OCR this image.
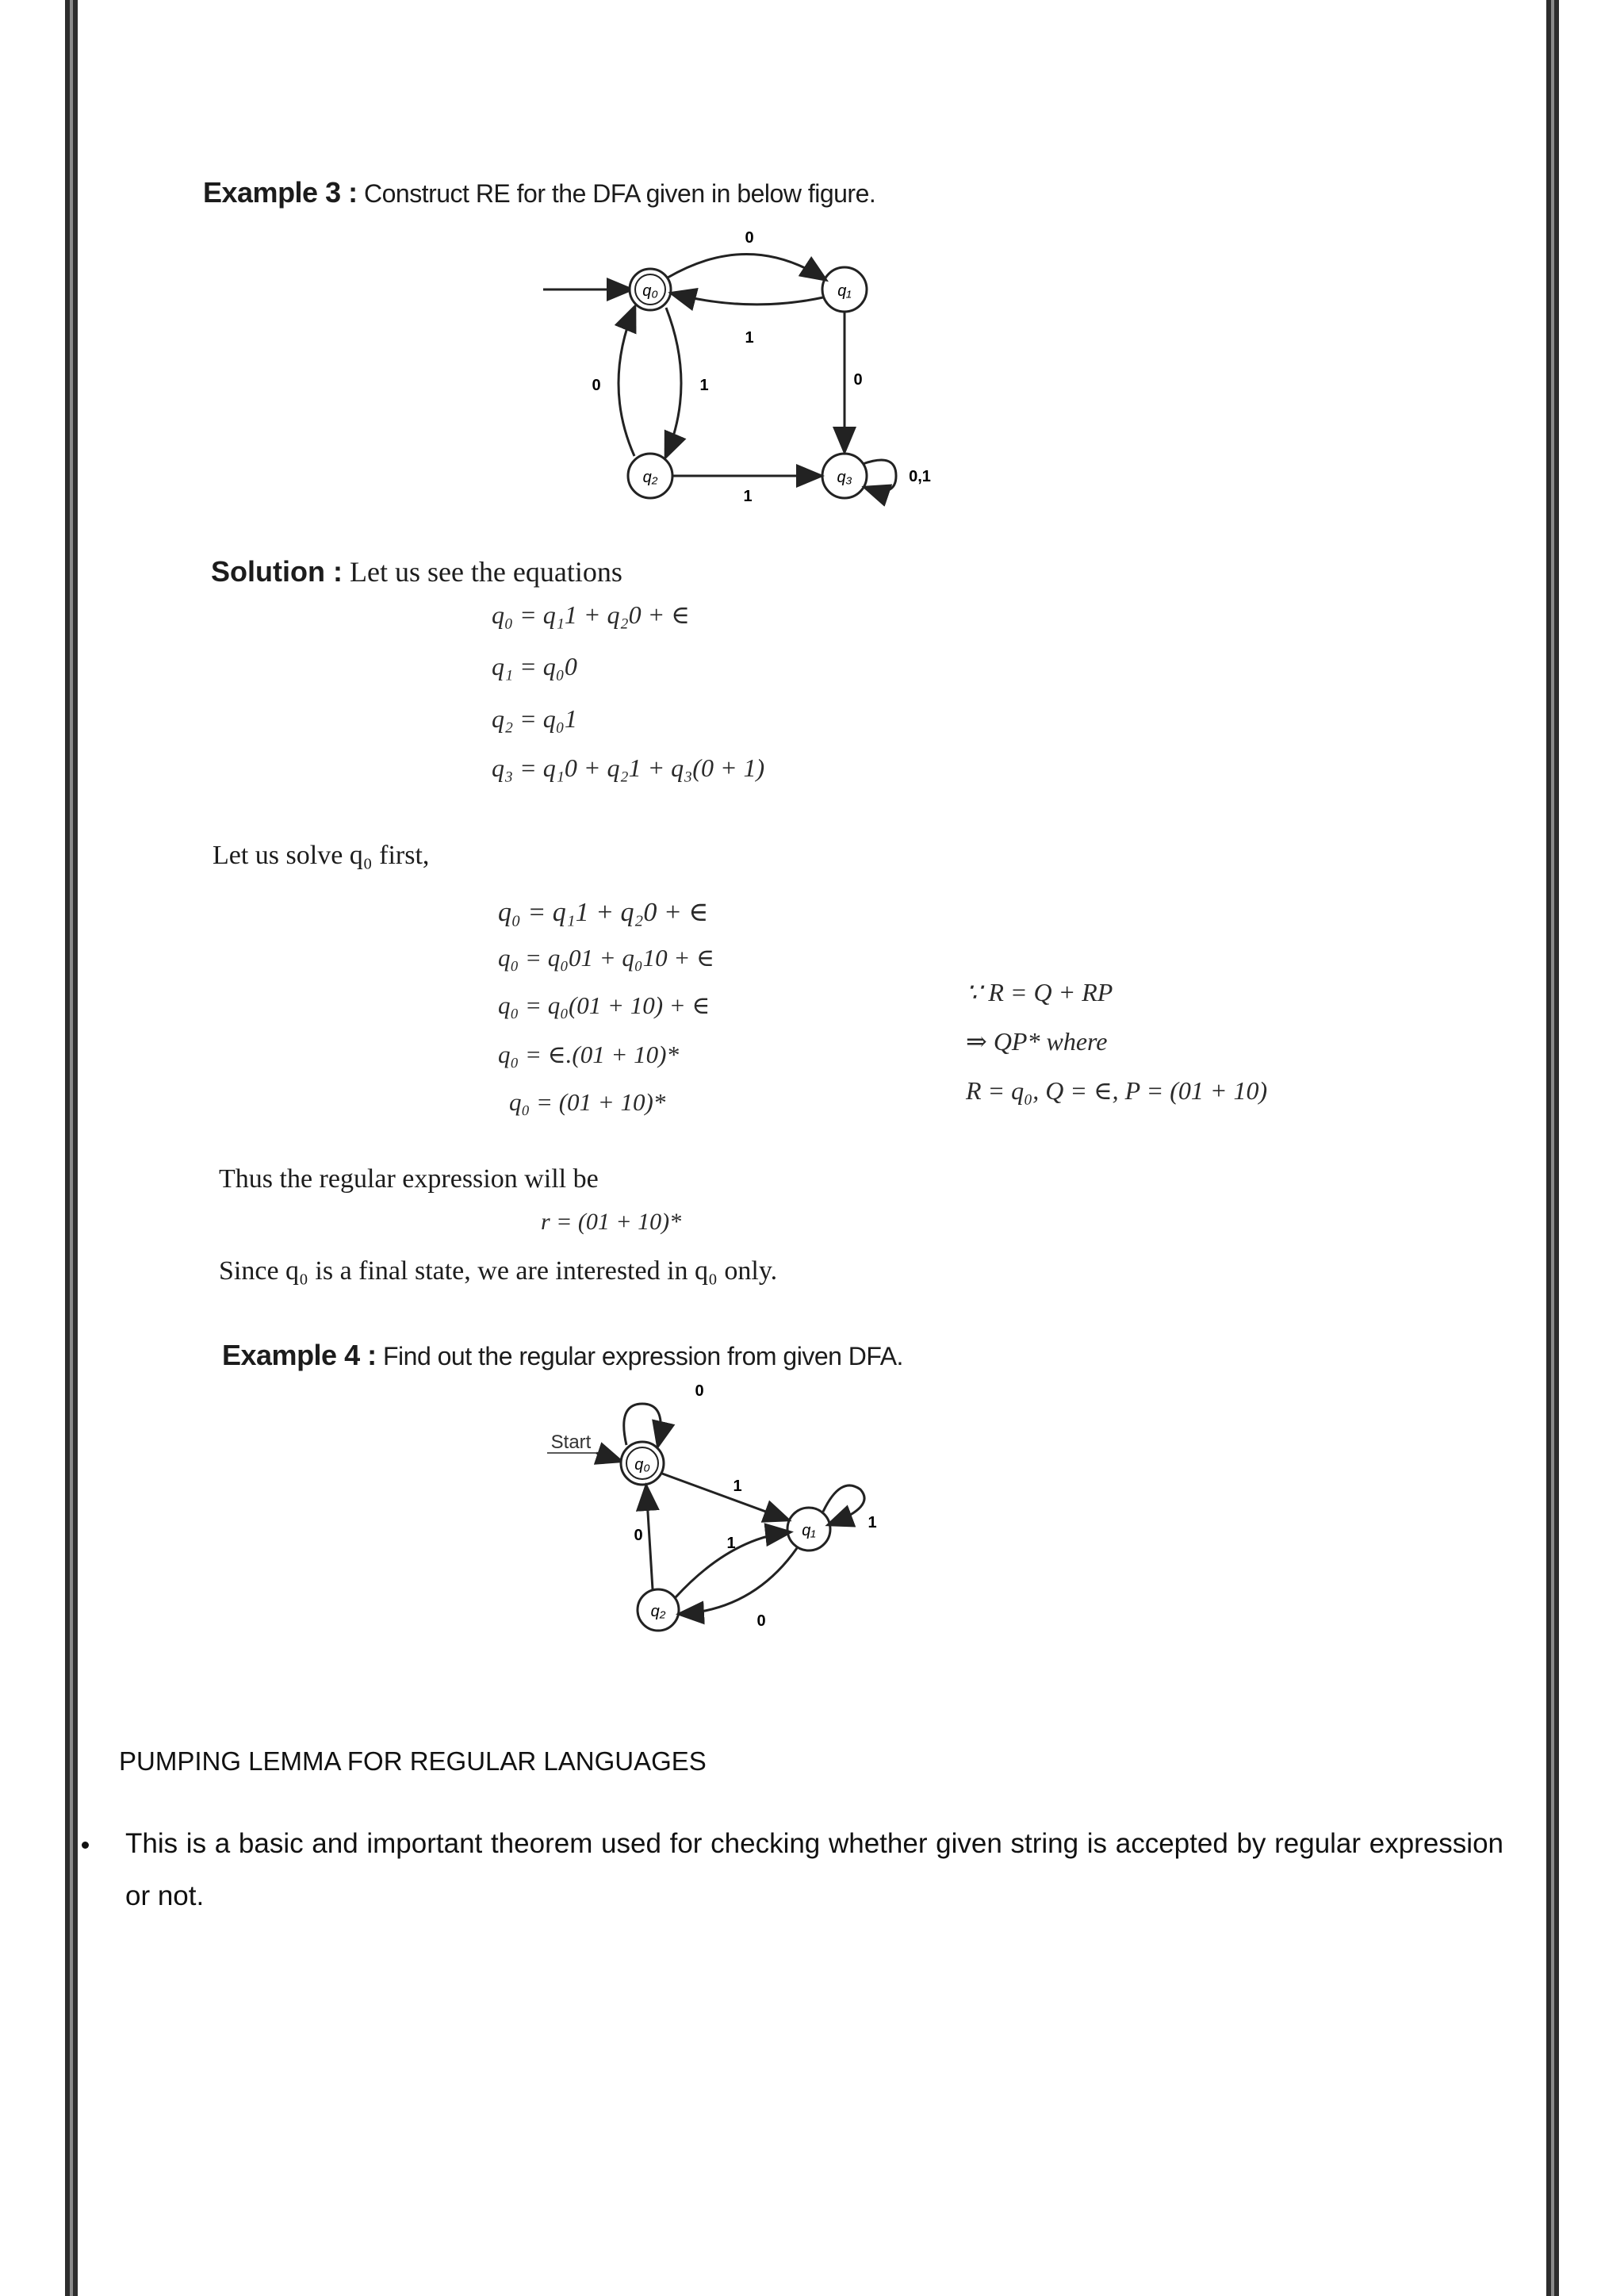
Example 3 : Construct RE for the DFA given in below figure.
q₀	q₁
q₂	q₃
0
1
0	1	0
1
0,1
Solution : Let us see the equations
q₀ = q₁1 + q₂0 + ∈
q₁ = q₀0
q₂ = q₀1
q₃ = q₁0 + q₂1 + q₃(0 + 1)
Let us solve q₀ first,
q₀ = q₁1 + q₂0 + ∈
q₀ = q₀01 + q₀10 + ∈
q₀ = q₀(01 + 10) + ∈
q₀ = ∈.(01 + 10)*
q₀ = (01 + 10)*
∵ R = Q + RP
⇒ QP* where
R = q₀, Q = ∈, P = (01 + 10)
Thus the regular expression will be
r = (01 + 10)*
Since q₀ is a final state, we are interested in q₀ only.
Example 4 : Find out the regular expression from given DFA.
Start
q₀
0
q₁
1
1
q₂
1
0
0
PUMPING LEMMA FOR REGULAR LANGUAGES
This is a basic and important theorem used for checking whether given string is accepted by regular expression or not.
